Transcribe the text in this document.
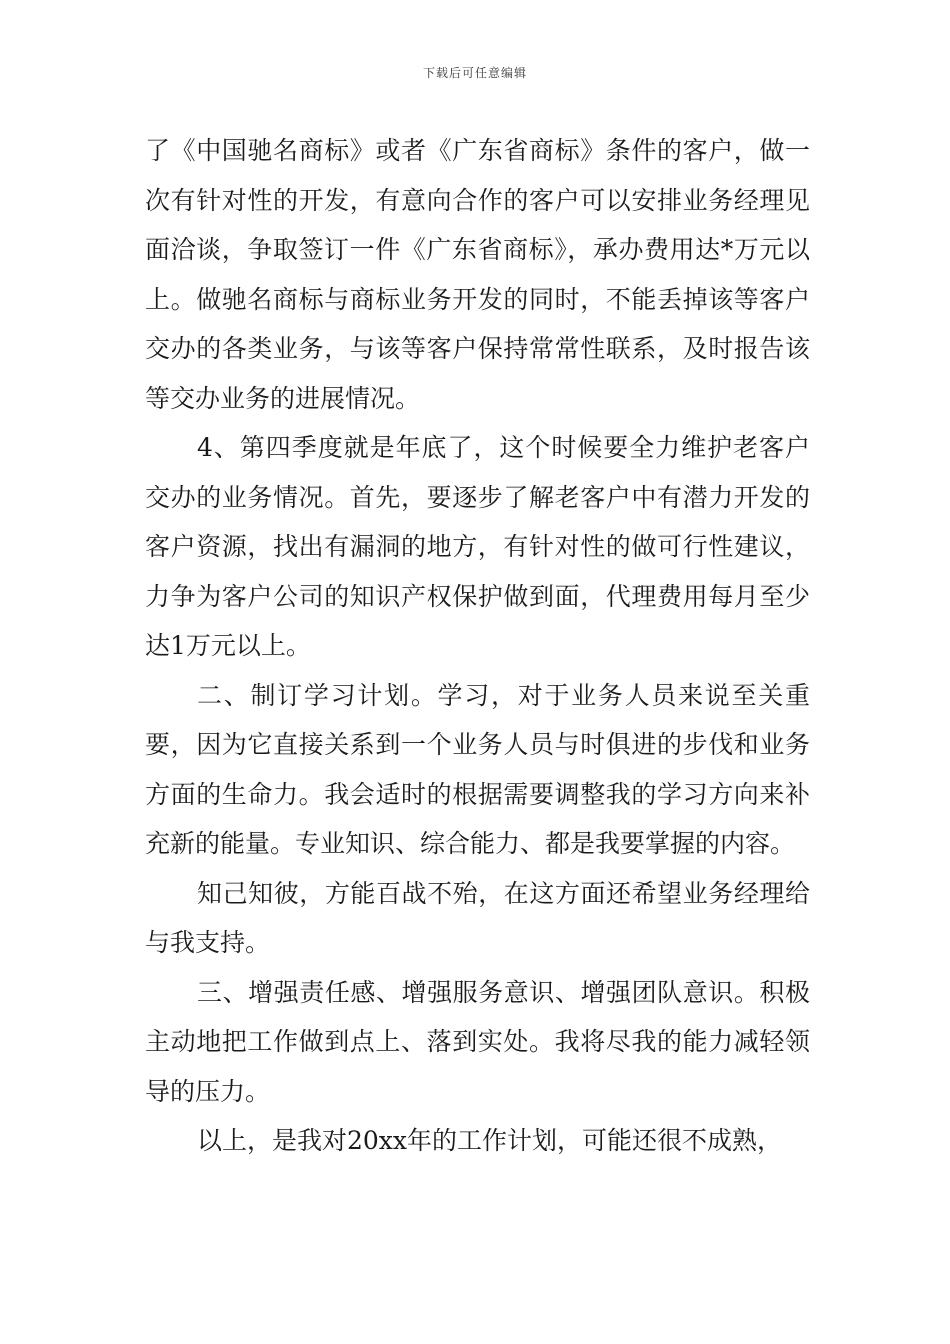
下载后可任意编辑

了《中国驰名商标》或者《广东省商标》条件的客户，做一次有针对性的开发，有意向合作的客户可以安排业务经理见面洽谈，争取签订一件《广东省商标》，承办费用达*万元以上。做驰名商标与商标业务开发的同时，不能丢掉该等客户交办的各类业务，与该等客户保持常常性联系，及时报告该等交办业务的进展情况。

4、第四季度就是年底了，这个时候要全力维护老客户交办的业务情况。首先，要逐步了解老客户中有潜力开发的客户资源，找出有漏洞的地方，有针对性的做可行性建议，力争为客户公司的知识产权保护做到面，代理费用每月至少达1万元以上。

二、制订学习计划。学习，对于业务人员来说至关重要，因为它直接关系到一个业务人员与时俱进的步伐和业务方面的生命力。我会适时的根据需要调整我的学习方向来补充新的能量。专业知识、综合能力、都是我要掌握的内容。

知己知彼，方能百战不殆，在这方面还希望业务经理给与我支持。

三、增强责任感、增强服务意识、增强团队意识。积极主动地把工作做到点上、落到实处。我将尽我的能力减轻领导的压力。

以上，是我对20xx年的工作计划，可能还很不成熟，
